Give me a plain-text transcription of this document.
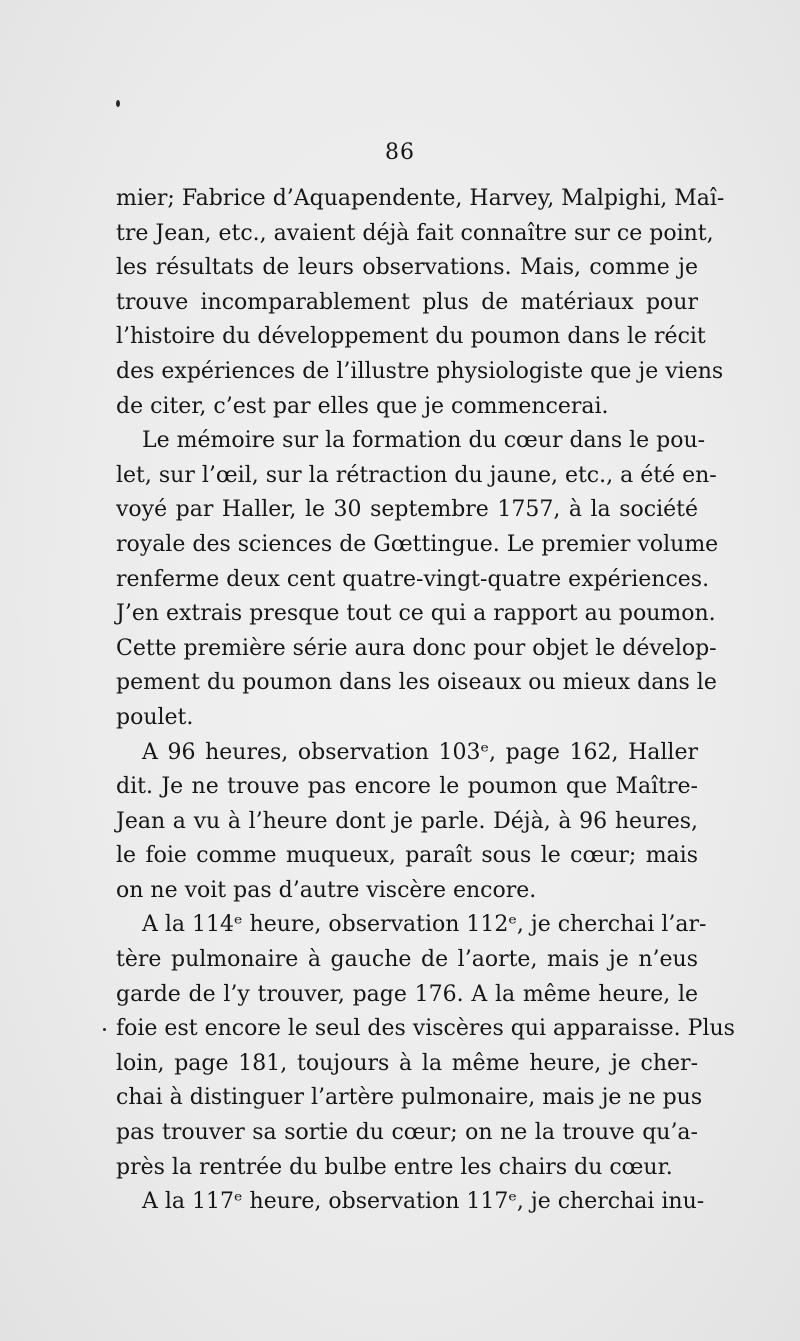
86
mier; Fabrice d’Aquapendente, Harvey, Malpighi, Maî-
tre Jean, etc., avaient déjà fait connaître sur ce point,
les résultats de leurs observations. Mais, comme je
trouve incomparablement plus de matériaux pour
l’histoire du développement du poumon dans le récit
des expériences de l’illustre physiologiste que je viens
de citer, c’est par elles que je commencerai.
Le mémoire sur la formation du cœur dans le pou-
let, sur l’œil, sur la rétraction du jaune, etc., a été en-
voyé par Haller, le 30 septembre 1757, à la société
royale des sciences de Gœttingue. Le premier volume
renferme deux cent quatre-vingt-quatre expériences.
J’en extrais presque tout ce qui a rapport au poumon.
Cette première série aura donc pour objet le dévelop-
pement du poumon dans les oiseaux ou mieux dans le
poulet.
A 96 heures, observation 103ᵉ, page 162, Haller
dit. Je ne trouve pas encore le poumon que Maître-
Jean a vu à l’heure dont je parle. Déjà, à 96 heures,
le foie comme muqueux, paraît sous le cœur; mais
on ne voit pas d’autre viscère encore.
A la 114ᵉ heure, observation 112ᵉ, je cherchai l’ar-
tère pulmonaire à gauche de l’aorte, mais je n’eus
garde de l’y trouver, page 176. A la même heure, le
foie est encore le seul des viscères qui apparaisse. Plus
loin, page 181, toujours à la même heure, je cher-
chai à distinguer l’artère pulmonaire, mais je ne pus
pas trouver sa sortie du cœur; on ne la trouve qu’a-
près la rentrée du bulbe entre les chairs du cœur.
A la 117ᵉ heure, observation 117ᵉ, je cherchai inu-
